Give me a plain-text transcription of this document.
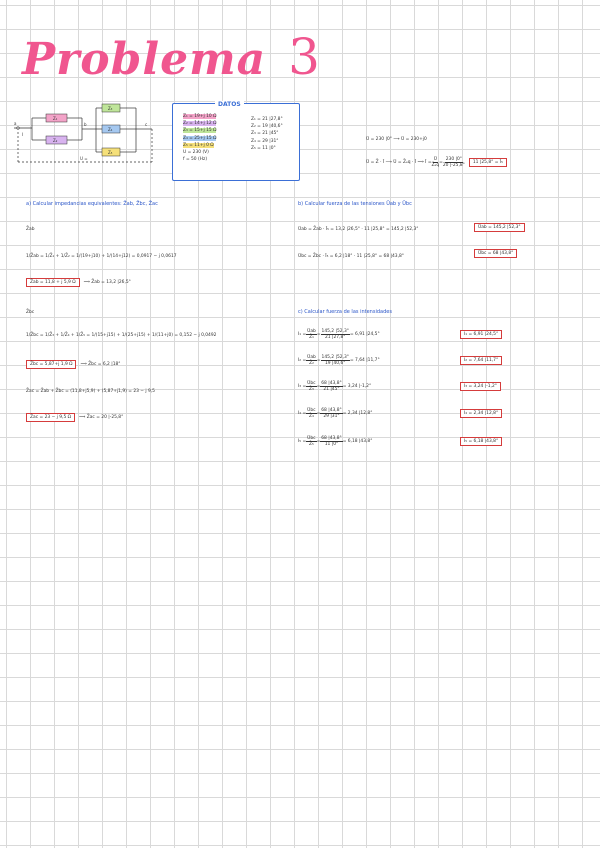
Problema 3
a	b	c
I
U =
Z₁
Z₂
Z₃
Z₄
Z₅
DATOS
Z₁ = 19+j 10 Ω
Z₂ = 14+j 12 Ω
Z₃ = 15+j 15 Ω
Z₄ = 25+j 15 Ω
Z₅ = 11+j 0 Ω
U = 230 (V)
f = 50 (Hz)
Z₁ = 21 |27,8°
Z₂ = 19 |40,6°
Z₃ = 21 |45°
Z₄ = 29 |31°
Z₅ = 11 |0°
Ū = 230 |0° ⟶ Ū = 230+j0
Ū = Z̄ · Ī ⟶ Ū = Z̄ₑq · Ī ⟹ Ī = $\frac{Ū}{\text{Z̄ₑq}} = \frac{230 |0^\circ}{20 |-25,8^\circ}$	11 |25,8° = Ī₅
a) Calcular impedancias equivalentes: Z̄ab, Z̄bc, Z̄ac
Z̄ab
1/Z̄ab = 1/Z̄₁ + 1/Z̄₂ = 1/(19+j10) + 1/(14+j12) = 0,0917 − j 0,0617
Z̄ab = 11,8 + j 5,9 Ω	⟹ Z̄ab = 13,2 |26,5°
Z̄bc
1/Z̄bc = 1/Z̄₃ + 1/Z̄₄ + 1/Z̄₅ = 1/(15+j15) + 1/(25+j15) + 1/(11+j0) = 0,152 − j 0,0492
Z̄bc = 5,87+j 1,9 Ω	⟹ Z̄bc = 6,2 |18°
Z̄ac = Z̄ab + Z̄bc = (11,8+j5,9) + (5,87+j1,9) = 23 − j 9,5
Z̄ac = 23 − j 9,5 Ω	⟹ Z̄ac = 20 |-25,8°
b) Calcular fuerza de las tensiones Ūab y Ūbc
Ūab = Z̄ab · Ī₅ = 13,2 |26,5° · 11 |25,8° = 145,2 |52,3°	Ūab = 145,2 |52,3°
Ūbc = Z̄bc · Ī₅ = 6,2 |18° · 11 |25,8° = 68 |43,8°
Ūbc = 68 |43,8°
c) Calcular fuerza de las intensidades
$I_1 = \frac{\text{Ūab}}{\text{Z̄₁}} = \frac{145,2 |52,3^\circ}{21 |27,8^\circ} = 6,91$ |24,5°	I₁ = 6,91 |24,5°
$I_2 = \frac{\text{Ūab}}{\text{Z̄₂}} = \frac{145,2 |52,3^\circ}{19 |40,6^\circ} = 7,64$ |11,7°	I₂ = 7,64 |11,7°
$I_3 = \frac{\text{Ūbc}}{\text{Z̄₃}} = \frac{68 |43,8^\circ}{21 |45^\circ} = 3,24$ |-1,2°	I₃ = 3,24 |-1,2°
$I_4 = \frac{\text{Ūbc}}{\text{Z̄₄}} = \frac{68 |43,8^\circ}{29 |31^\circ} = 2,34$ |12,8°	I₄ = 2,34 |12,8°
$I_5 = \frac{\text{Ūbc}}{\text{Z̄₅}} = \frac{68 |43,8^\circ}{11 |0^\circ} = 6,18$ |43,8°	I₅ = 6,18 |43,8°
